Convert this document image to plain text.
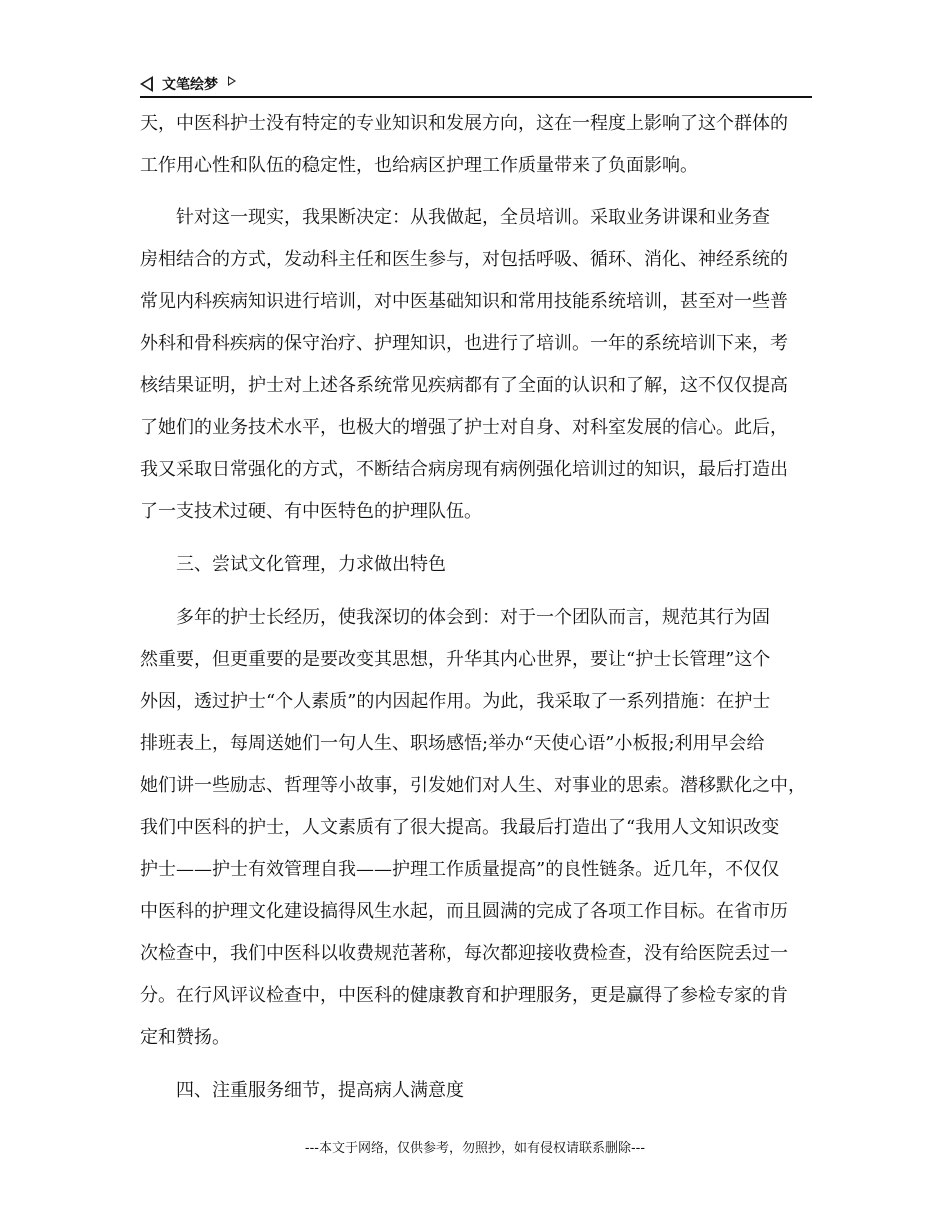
文笔绘梦
天，中医科护士没有特定的专业知识和发展方向，这在一程度上影响了这个群体的
工作用心性和队伍的稳定性，也给病区护理工作质量带来了负面影响。
针对这一现实，我果断决定：从我做起，全员培训。采取业务讲课和业务查
房相结合的方式，发动科主任和医生参与，对包括呼吸、循环、消化、神经系统的
常见内科疾病知识进行培训，对中医基础知识和常用技能系统培训，甚至对一些普
外科和骨科疾病的保守治疗、护理知识，也进行了培训。一年的系统培训下来，考
核结果证明，护士对上述各系统常见疾病都有了全面的认识和了解，这不仅仅提高
了她们的业务技术水平，也极大的增强了护士对自身、对科室发展的信心。此后，
我又采取日常强化的方式，不断结合病房现有病例强化培训过的知识，最后打造出
了一支技术过硬、有中医特色的护理队伍。
三、尝试文化管理，力求做出特色
多年的护士长经历，使我深切的体会到：对于一个团队而言，规范其行为固
然重要，但更重要的是要改变其思想，升华其内心世界，要让“护士长管理”这个
外因，透过护士“个人素质”的内因起作用。为此，我采取了一系列措施：在护士
排班表上，每周送她们一句人生、职场感悟;举办“天使心语”小板报;利用早会给
她们讲一些励志、哲理等小故事，引发她们对人生、对事业的思索。潜移默化之中，
我们中医科的护士，人文素质有了很大提高。我最后打造出了“我用人文知识改变
护士——护士有效管理自我——护理工作质量提高”的良性链条。近几年，不仅仅
中医科的护理文化建设搞得风生水起，而且圆满的完成了各项工作目标。在省市历
次检查中，我们中医科以收费规范著称，每次都迎接收费检查，没有给医院丢过一
分。在行风评议检查中，中医科的健康教育和护理服务，更是赢得了参检专家的肯
定和赞扬。
四、注重服务细节，提高病人满意度
---本文于网络，仅供参考，勿照抄，如有侵权请联系删除---
